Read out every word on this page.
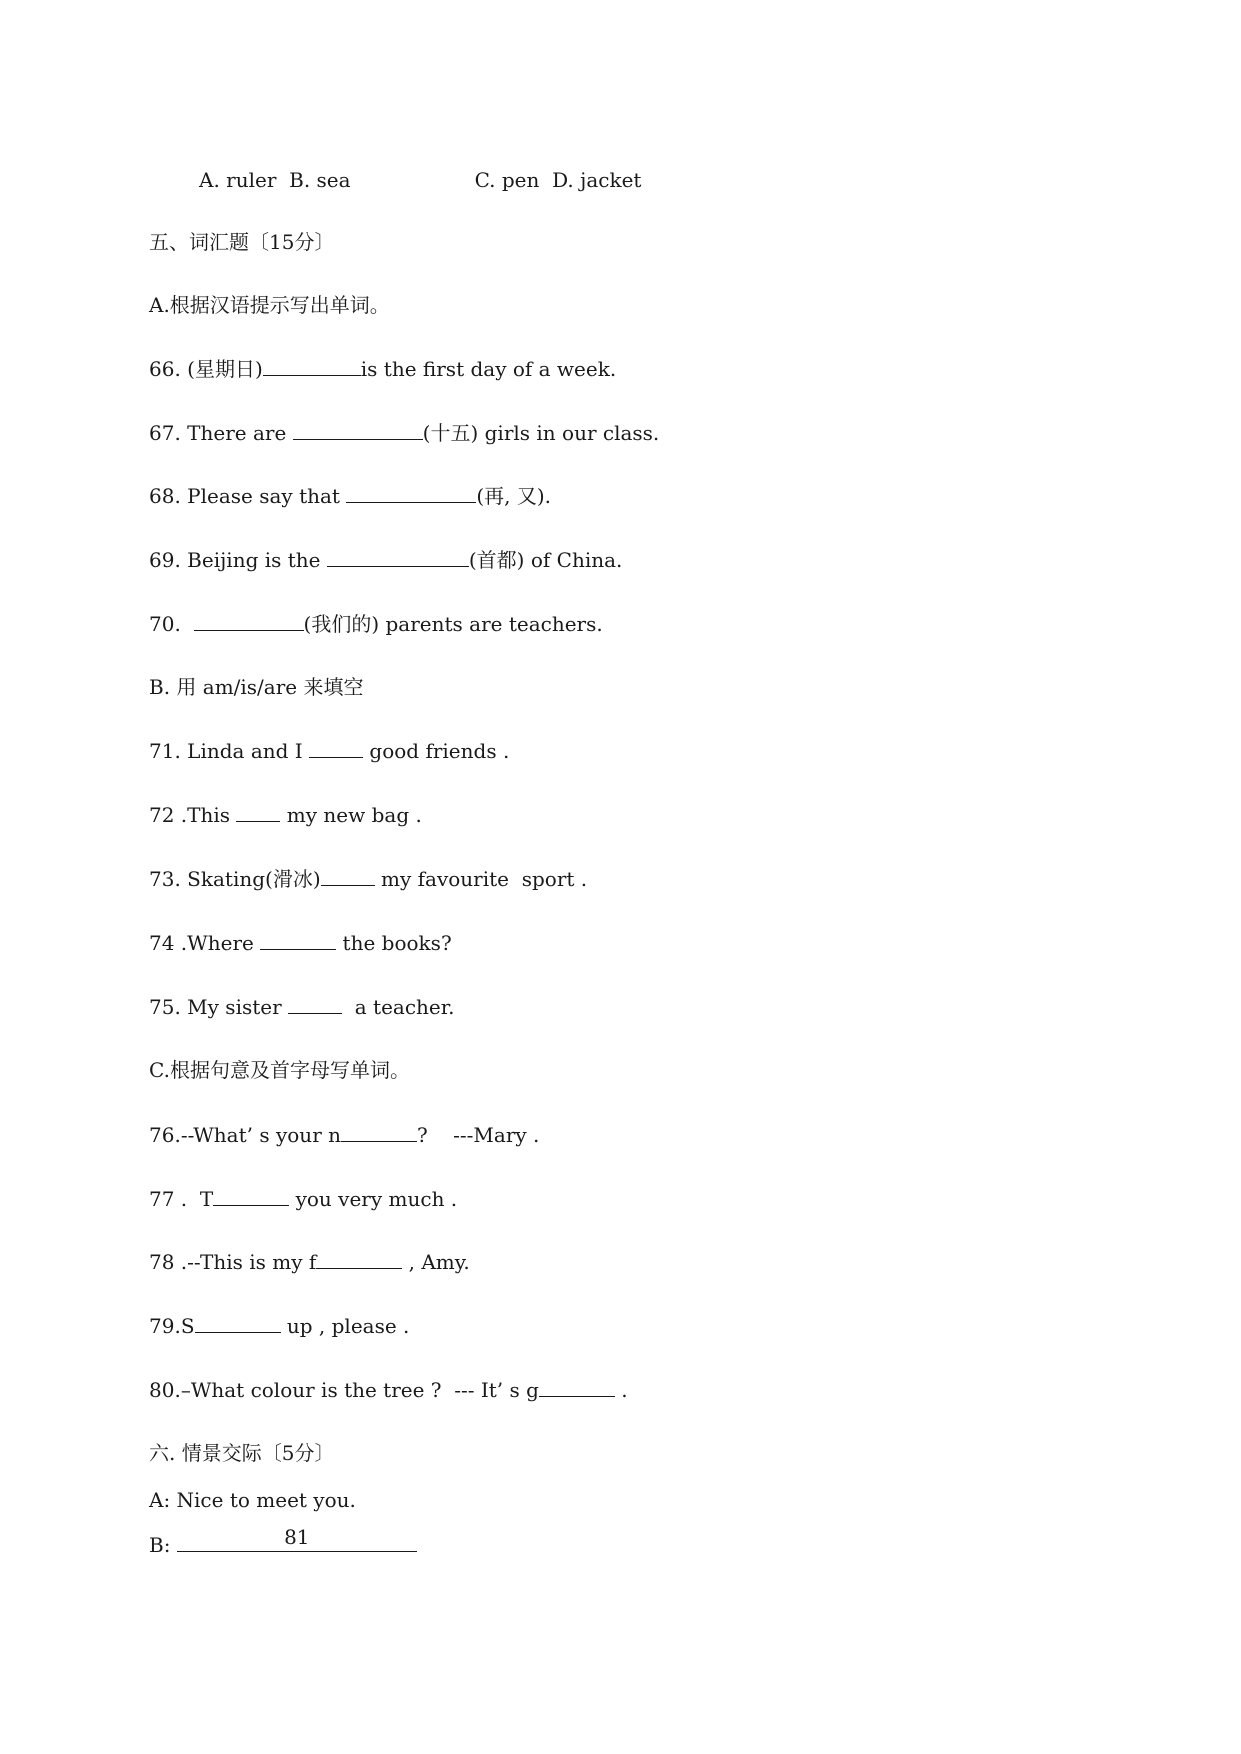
A. ruler B. sea	C. pen D. jacket
五、词汇题〔15分〕
A.根据汉语提示写出单词。
66. (星期日)	is the first day of a week.
67. There are	(十五) girls in our class.
68. Please say that	(再, 又).
69. Beijing is the	(首都) of China.
70.	(我们的) parents are teachers.
B. 用 am/is/are 来填空
71. Linda and I	good friends .
72 .This  my new bag .
73. Skating(滑冰)	my favourite  sport .
74 .Where	the books?
75. My sister	a teacher.
C.根据句意及首字母写单词。
76.--What’ s your n	?    ---Mary .
77 .  T	you very much .
78 .--This is my f	, Amy.
79.S	up , please .
80.–What colour is the tree ?  --- It’ s g	.
六. 情景交际〔5分〕
A: Nice to meet you.
B:	81
